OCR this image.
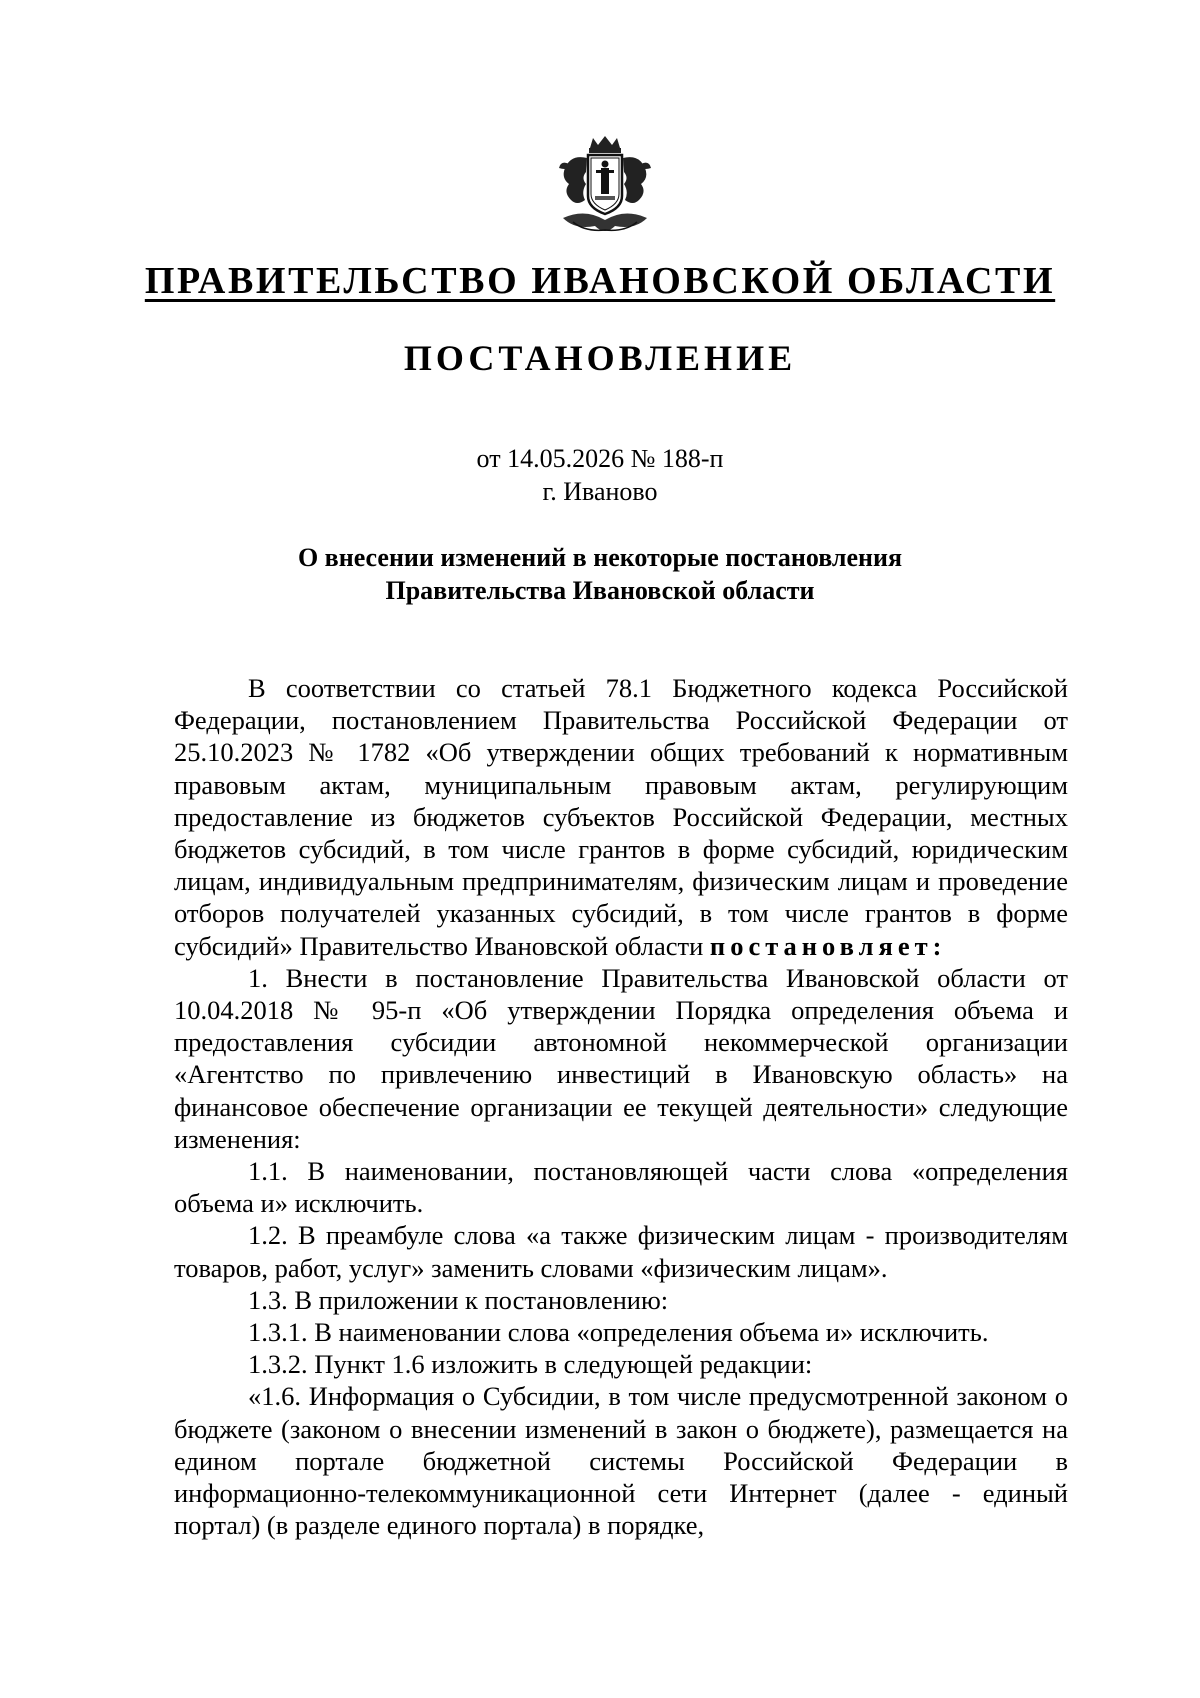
ПРАВИТЕЛЬСТВО ИВАНОВСКОЙ ОБЛАСТИ
ПОСТАНОВЛЕНИЕ
от 14.05.2026 № 188-п
г. Иваново
О внесении изменений в некоторые постановления
Правительства Ивановской области

В соответствии со статьей 78.1 Бюджетного кодекса Российской Федерации, постановлением Правительства Российской Федерации от 25.10.2023 № 1782 «Об утверждении общих требований к нормативным правовым актам, муниципальным правовым актам, регулирующим предоставление из бюджетов субъектов Российской Федерации, местных бюджетов субсидий, в том числе грантов в форме субсидий, юридическим лицам, индивидуальным предпринимателям, физическим лицам и проведение отборов получателей указанных субсидий, в том числе грантов в форме субсидий» Правительство Ивановской области постановляет:

1. Внести в постановление Правительства Ивановской области от 10.04.2018 № 95-п «Об утверждении Порядка определения объема и предоставления субсидии автономной некоммерческой организации «Агентство по привлечению инвестиций в Ивановскую область» на финансовое обеспечение организации ее текущей деятельности» следующие изменения:

1.1. В наименовании, постановляющей части слова «определения объема и» исключить.

1.2. В преамбуле слова «а также физическим лицам - производителям товаров, работ, услуг» заменить словами «физическим лицам».

1.3. В приложении к постановлению:

1.3.1. В наименовании слова «определения объема и» исключить.

1.3.2. Пункт 1.6 изложить в следующей редакции:

«1.6. Информация о Субсидии, в том числе предусмотренной законом о бюджете (законом о внесении изменений в закон о бюджете), размещается на едином портале бюджетной системы Российской Федерации в информационно-телекоммуникационной сети Интернет (далее - единый портал) (в разделе единого портала) в порядке,
